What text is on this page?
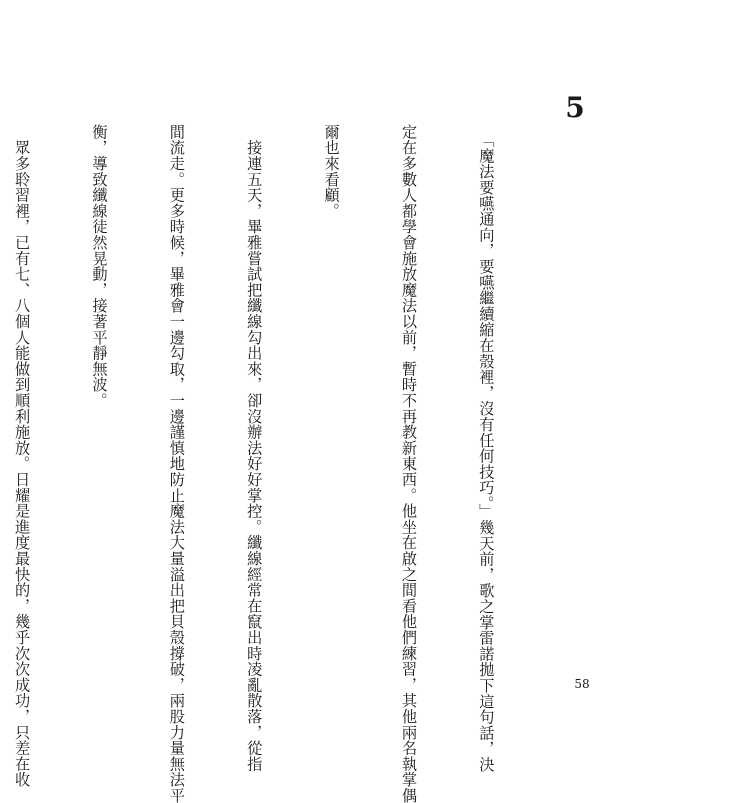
5

　「魔法要嚥通向，要嚥繼續縮在殼裡，沒有任何技巧。」幾天前，歌之掌雷諾拋下這句話，決

定在多數人都學會施放魔法以前，暫時不再教新東西。他坐在啟之間看他們練習，其他兩名執掌偶

爾也來看顧。

　接連五天，畢雅嘗試把纖線勾出來，卻沒辦法好好掌控。纖線經常在竄出時凌亂散落，從指

間流走。更多時候，畢雅會一邊勾取，一邊謹慎地防止魔法大量溢出把貝殼撐破，兩股力量無法平

衡，導致纖線徒然晃動，接著平靜無波。

　眾多聆習裡，已有七、八個人能做到順利施放。日耀是進度最快的，幾乎次次成功，只差在收

	58
